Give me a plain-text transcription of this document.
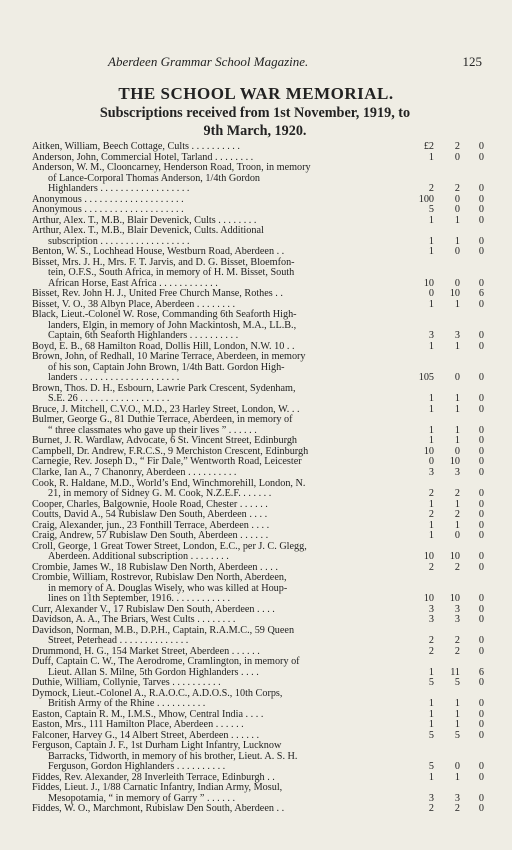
Aberdeen Grammar School Magazine.	125
THE SCHOOL WAR MEMORIAL.
Subscriptions received from 1st November, 1919, to
9th March, 1920.
Aitken, William, Beech Cottage, Cults . . . . . . . . . .	£2	2	0
Anderson, John, Commercial Hotel, Tarland . . . . . . . .	1	0	0
Anderson, W. M., Clooncarney, Henderson Road, Troon, in memory
of Lance-Corporal Thomas Anderson, 1/4th Gordon
Highlanders . . . . . . . . . . . . . . . . . .	2	2	0
Anonymous . . . . . . . . . . . . . . . . . . . .	100	0	0
Anonymous . . . . . . . . . . . . . . . . . . . .	5	0	0
Arthur, Alex. T., M.B., Blair Devenick, Cults . . . . . . . .	1	1	0
Arthur, Alex. T., M.B., Blair Devenick, Cults. Additional
subscription . . . . . . . . . . . . . . . . . .	1	1	0
Benton, W. S., Lochhead House, Westburn Road, Aberdeen . .	1	0	0
Bisset, Mrs. J. H., Mrs. F. T. Jarvis, and D. G. Bisset, Bloemfon-
tein, O.F.S., South Africa, in memory of H. M. Bisset, South
African Horse, East Africa . . . . . . . . . . . .	10	0	0
Bisset, Rev. John H. J., United Free Church Manse, Rothes . .	0	10	6
Bisset, V. O., 38 Albyn Place, Aberdeen . . . . . . . .	1	1	0
Black, Lieut.-Colonel W. Rose, Commanding 6th Seaforth High-
landers, Elgin, in memory of John Mackintosh, M.A., LL.B.,
Captain, 6th Seaforth Highlanders . . . . . . . . . .	3	3	0
Boyd, E. B., 68 Hamilton Road, Dollis Hill, London, N.W. 10 . .	1	1	0
Brown, John, of Redhall, 10 Marine Terrace, Aberdeen, in memory
of his son, Captain John Brown, 1/4th Batt. Gordon High-
landers . . . . . . . . . . . . . . . . . . . .	105	0	0
Brown, Thos. D. H., Esbourn, Lawrie Park Crescent, Sydenham,
S.E. 26 . . . . . . . . . . . . . . . . . .	1	1	0
Bruce, J. Mitchell, C.V.O., M.D., 23 Harley Street, London, W. . .	1	1	0
Bulmer, George G., 81 Duthie Terrace, Aberdeen, in memory of
“ three classmates who gave up their lives ” . . . . . .	1	1	0
Burnet, J. R. Wardlaw, Advocate, 6 St. Vincent Street, Edinburgh	1	1	0
Campbell, Dr. Andrew, F.R.C.S., 9 Merchiston Crescent, Edinburgh	10	0	0
Carnegie, Rev. Joseph D., “ Fir Dale,” Wentworth Road, Leicester	0	10	0
Clarke, Ian A., 7 Chanonry, Aberdeen . . . . . . . . . .	3	3	0
Cook, R. Haldane, M.D., World’s End, Winchmorehill, London, N.
21, in memory of Sidney G. M. Cook, N.Z.E.F. . . . . . .	2	2	0
Cooper, Charles, Balgownie, Hoole Road, Chester . . . . . .	1	1	0
Coutts, David A., 54 Rubislaw Den South, Aberdeen . . . .	2	2	0
Craig, Alexander, jun., 23 Fonthill Terrace, Aberdeen . . . .	1	1	0
Craig, Andrew, 57 Rubislaw Den South, Aberdeen . . . . . .	1	0	0
Croll, George, 1 Great Tower Street, London, E.C., per J. C. Glegg,
Aberdeen. Additional subscription . . . . . . . .	10	10	0
Crombie, James W., 18 Rubislaw Den North, Aberdeen . . . .	2	2	0
Crombie, William, Rostrevor, Rubislaw Den North, Aberdeen,
in memory of A. Douglas Wisely, who was killed at Houp-
lines on 11th September, 1916. . . . . . . . . . . .	10	10	0
Curr, Alexander V., 17 Rubislaw Den South, Aberdeen . . . .	3	3	0
Davidson, A. A., The Briars, West Cults . . . . . . . .	3	3	0
Davidson, Norman, M.B., D.P.H., Captain, R.A.M.C., 59 Queen
Street, Peterhead . . . . . . . . . . . . . .	2	2	0
Drummond, H. G., 154 Market Street, Aberdeen . . . . . .	2	2	0
Duff, Captain C. W., The Aerodrome, Cramlington, in memory of
Lieut. Allan S. Milne, 5th Gordon Highlanders . . . .	1	11	6
Duthie, William, Collynie, Tarves . . . . . . . . . .	5	5	0
Dymock, Lieut.-Colonel A., R.A.O.C., A.D.O.S., 10th Corps,
British Army of the Rhine . . . . . . . . . .	1	1	0
Easton, Captain R. M., I.M.S., Mhow, Central India . . . .	1	1	0
Easton, Mrs., 111 Hamilton Place, Aberdeen . . . . . .	1	1	0
Falconer, Harvey G., 14 Albert Street, Aberdeen . . . . . .	5	5	0
Ferguson, Captain J. F., 1st Durham Light Infantry, Lucknow
Barracks, Tidworth, in memory of his brother, Lieut. A. S. H.
Ferguson, Gordon Highlanders . . . . . . . . . .	5	0	0
Fiddes, Rev. Alexander, 28 Inverleith Terrace, Edinburgh . .	1	1	0
Fiddes, Lieut. J., 1/88 Carnatic Infantry, Indian Army, Mosul,
Mesopotamia, “ in memory of Garry ” . . . . . .	3	3	0
Fiddes, W. O., Marchmont, Rubislaw Den South, Aberdeen . .	2	2	0
